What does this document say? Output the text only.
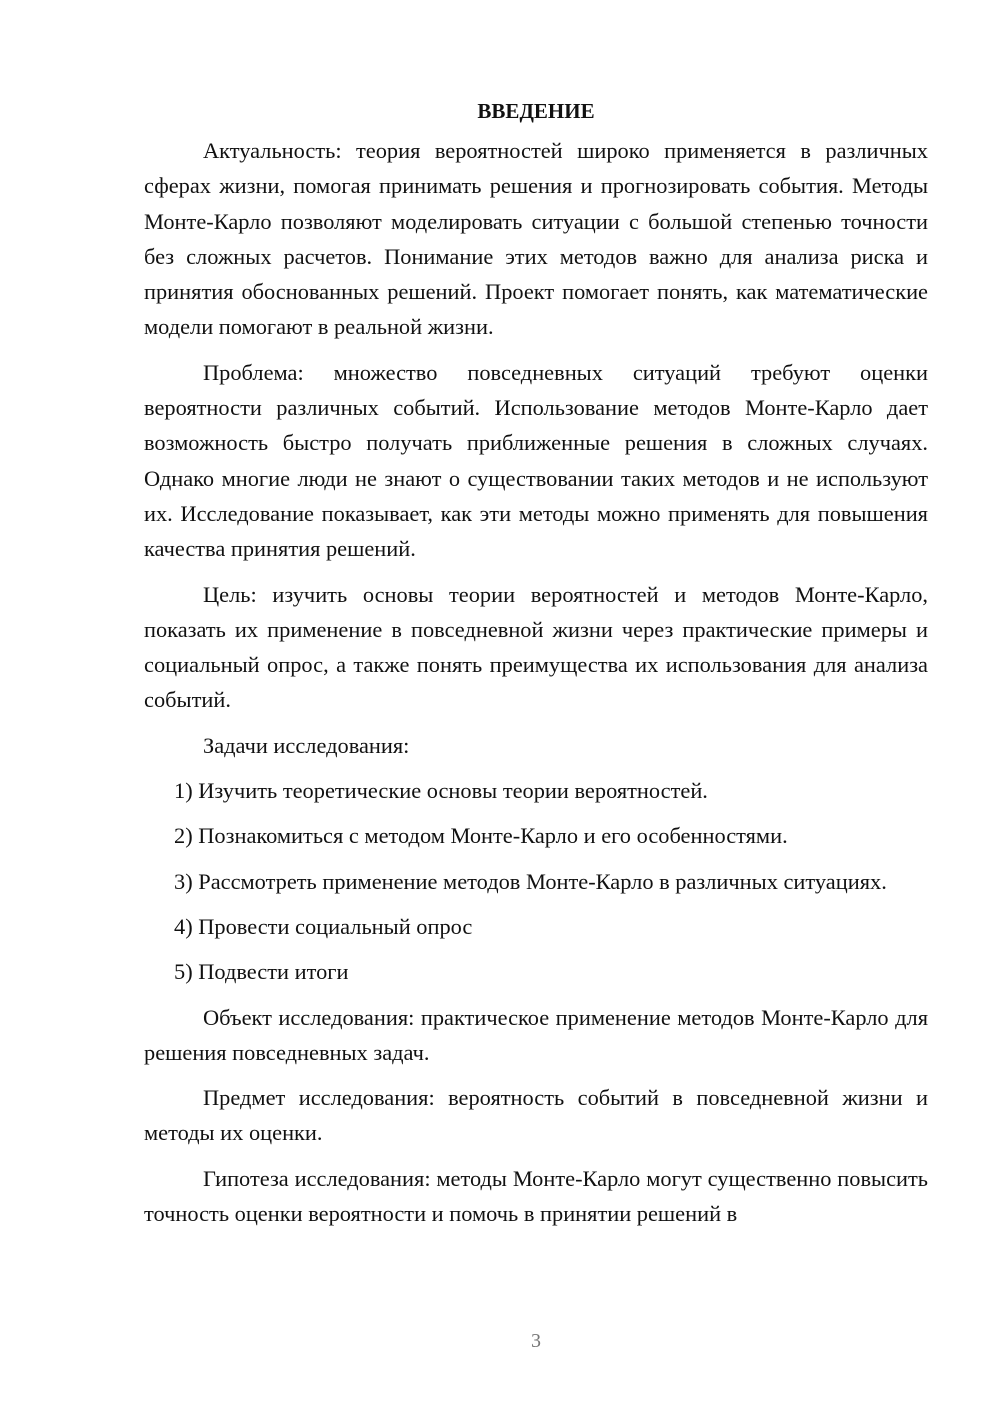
ВВЕДЕНИЕ

Актуальность: теория вероятностей широко применяется в различных сферах жизни, помогая принимать решения и прогнозировать события. Методы Монте-Карло позволяют моделировать ситуации с большой степенью точности без сложных расчетов. Понимание этих методов важно для анализа риска и принятия обоснованных решений. Проект помогает понять, как математические модели помогают в реальной жизни.

Проблема: множество повседневных ситуаций требуют оценки вероятности различных событий. Использование методов Монте-Карло дает возможность быстро получать приближенные решения в сложных случаях. Однако многие люди не знают о существовании таких методов и не используют их. Исследование показывает, как эти методы можно применять для повышения качества принятия решений.

Цель: изучить основы теории вероятностей и методов Монте-Карло, показать их применение в повседневной жизни через практические примеры и социальный опрос, а также понять преимущества их использования для анализа событий.

Задачи исследования:

1) Изучить теоретические основы теории вероятностей.

2) Познакомиться с методом Монте-Карло и его особенностями.

3) Рассмотреть применение методов Монте-Карло в различных ситуациях.

4) Провести социальный опрос

5) Подвести итоги

Объект исследования: практическое применение методов Монте-Карло для решения повседневных задач.

Предмет исследования: вероятность событий в повседневной жизни и методы их оценки.

Гипотеза исследования: методы Монте-Карло могут существенно повысить точность оценки вероятности и помочь в принятии решений в

3
